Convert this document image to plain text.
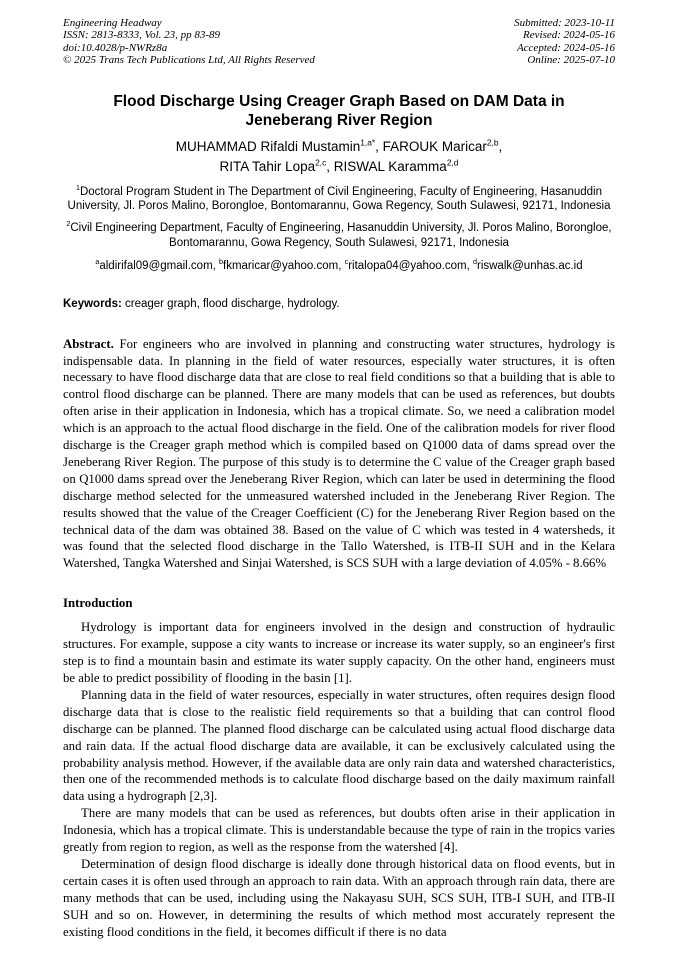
Engineering Headway
ISSN: 2813-8333, Vol. 23, pp 83-89
doi:10.4028/p-NWRz8a
© 2025 Trans Tech Publications Ltd, All Rights Reserved
Submitted: 2023-10-11
Revised: 2024-05-16
Accepted: 2024-05-16
Online: 2025-07-10
Flood Discharge Using Creager Graph Based on DAM Data in
Jeneberang River Region
MUHAMMAD Rifaldi Mustamin$^{1,a*}$, FAROUK Maricar$^{2,b}$,
RITA Tahir Lopa$^{2,c}$, RISWAL Karamma$^{2,d}$
$^1$Doctoral Program Student in The Department of Civil Engineering, Faculty of Engineering, Hasanuddin University, Jl. Poros Malino, Borongloe, Bontomarannu, Gowa Regency, South Sulawesi, 92171, Indonesia
$^2$Civil Engineering Department, Faculty of Engineering, Hasanuddin University, Jl. Poros Malino, Borongloe, Bontomarannu, Gowa Regency, South Sulawesi, 92171, Indonesia
$^a$aldirifal09@gmail.com, $^b$fkmaricar@yahoo.com, $^c$ritalopa04@yahoo.com, $^d$riswalk@unhas.ac.id

Keywords: creager graph, flood discharge, hydrology.

Abstract. For engineers who are involved in planning and constructing water structures, hydrology is indispensable data. In planning in the field of water resources, especially water structures, it is often necessary to have flood discharge data that are close to real field conditions so that a building that is able to control flood discharge can be planned. There are many models that can be used as references, but doubts often arise in their application in Indonesia, which has a tropical climate. So, we need a calibration model which is an approach to the actual flood discharge in the field. One of the calibration models for river flood discharge is the Creager graph method which is compiled based on Q1000 data of dams spread over the Jeneberang River Region. The purpose of this study is to determine the C value of the Creager graph based on Q1000 dams spread over the Jeneberang River Region, which can later be used in determining the flood discharge method selected for the unmeasured watershed included in the Jeneberang River Region. The results showed that the value of the Creager Coefficient (C) for the Jeneberang River Region based on the technical data of the dam was obtained 38. Based on the value of C which was tested in 4 watersheds, it was found that the selected flood discharge in the Tallo Watershed, is ITB-II SUH and in the Kelara Watershed, Tangka Watershed and Sinjai Watershed, is SCS SUH with a large deviation of 4.05% - 8.66%

Introduction

Hydrology is important data for engineers involved in the design and construction of hydraulic structures. For example, suppose a city wants to increase or increase its water supply, so an engineer's first step is to find a mountain basin and estimate its water supply capacity. On the other hand, engineers must be able to predict possibility of flooding in the basin [1].

Planning data in the field of water resources, especially in water structures, often requires design flood discharge data that is close to the realistic field requirements so that a building that can control flood discharge can be planned. The planned flood discharge can be calculated using actual flood discharge data and rain data. If the actual flood discharge data are available, it can be exclusively calculated using the probability analysis method. However, if the available data are only rain data and watershed characteristics, then one of the recommended methods is to calculate flood discharge based on the daily maximum rainfall data using a hydrograph [2,3].

There are many models that can be used as references, but doubts often arise in their application in Indonesia, which has a tropical climate. This is understandable because the type of rain in the tropics varies greatly from region to region, as well as the response from the watershed [4].

Determination of design flood discharge is ideally done through historical data on flood events, but in certain cases it is often used through an approach to rain data. With an approach through rain data, there are many methods that can be used, including using the Nakayasu SUH, SCS SUH, ITB-I SUH, and ITB-II SUH and so on. However, in determining the results of which method most accurately represent the existing flood conditions in the field, it becomes difficult if there is no data
